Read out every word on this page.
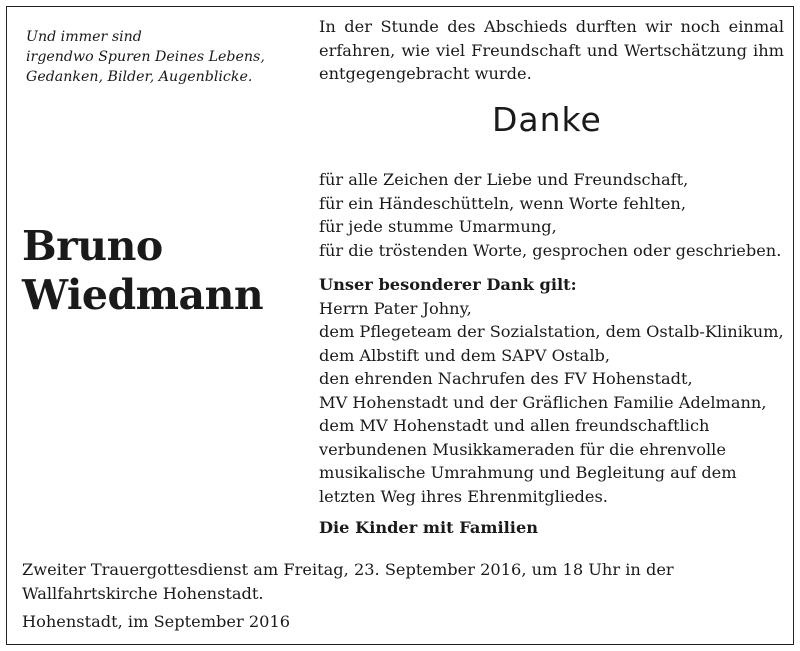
Und immer sind
irgendwo Spuren Deines Lebens,
Gedanken, Bilder, Augenblicke.
Bruno
Wiedmann
In der Stunde des Abschieds durften wir noch einmal erfahren, wie viel Freundschaft und Wertschätzung ihm entgegengebracht wurde.
Danke
für alle Zeichen der Liebe und Freundschaft,
für ein Händeschütteln, wenn Worte fehlten,
für jede stumme Umarmung,
für die tröstenden Worte, gesprochen oder geschrieben.
Unser besonderer Dank gilt:
Herrn Pater Johny,
dem Pflegeteam der Sozialstation, dem Ostalb-Klinikum,
dem Albstift und dem SAPV Ostalb,
den ehrenden Nachrufen des FV Hohenstadt,
MV Hohenstadt und der Gräflichen Familie Adelmann,
dem MV Hohenstadt und allen freundschaftlich
verbundenen Musikkameraden für die ehrenvolle
musikalische Umrahmung und Begleitung auf dem
letzten Weg ihres Ehrenmitgliedes.
Die Kinder mit Familien
Zweiter Trauergottesdienst am Freitag, 23. September 2016, um 18 Uhr in der Wallfahrtskirche Hohenstadt.
Hohenstadt, im September 2016
